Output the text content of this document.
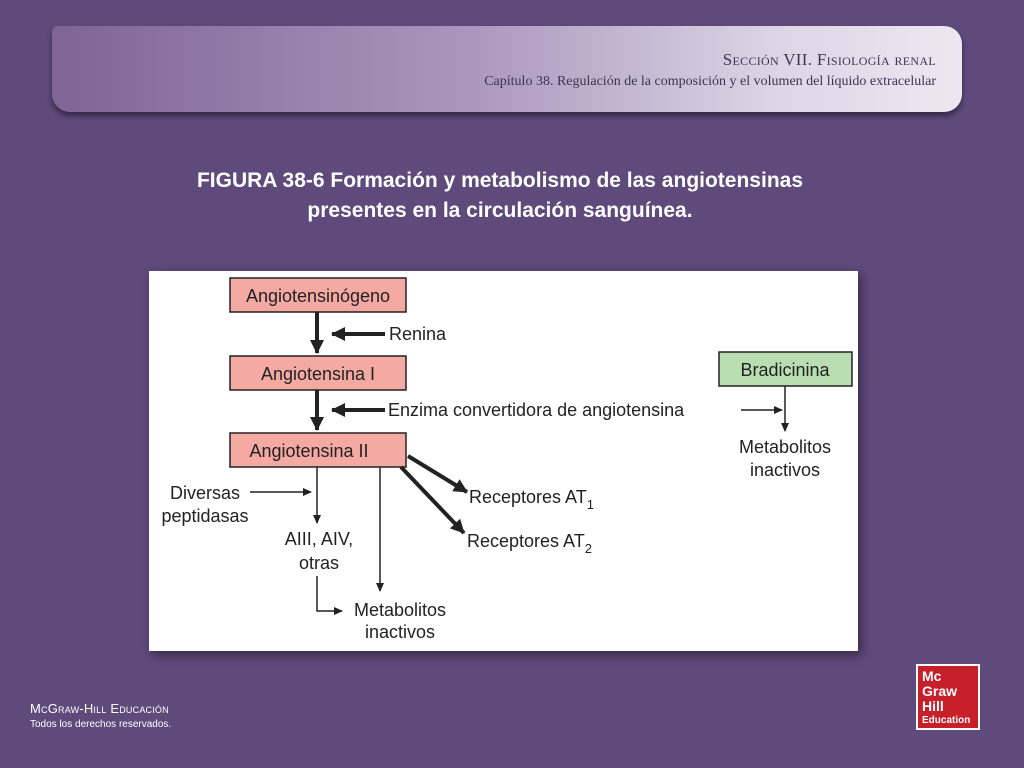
Sección VII. Fisiología renal
Capítulo 38. Regulación de la composición y el volumen del líquido extracelular
FIGURA 38-6 Formación y metabolismo de las angiotensinas
presentes en la circulación sanguínea.
Angiotensinógeno
Angiotensina I
Angiotensina II
Bradicinina
Renina
Enzima convertidora de angiotensina
Metabolitos
inactivos
Receptores $AT_1$
Receptores $AT_2$
Diversas
peptidasas
AIII, AIV,
otras
Metabolitos
inactivos
McGraw-Hill Educación
Todos los derechos reservados.
Mc
Graw
Hill
Education
